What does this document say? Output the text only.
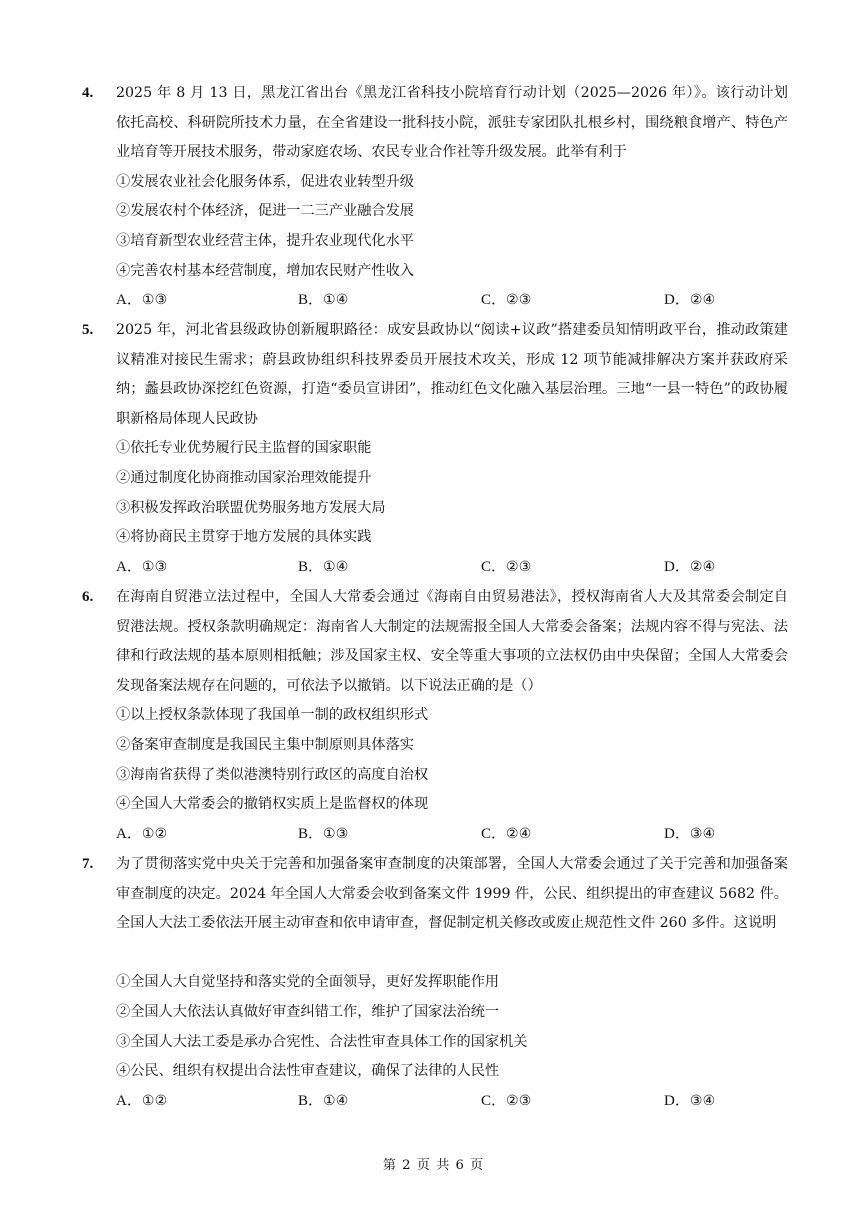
4. 2025 年 8 月 13 日，黑龙江省出台《黑龙江省科技小院培育行动计划（2025—2026 年）》。该行动计划依托高校、科研院所技术力量，在全省建设一批科技小院，派驻专家团队扎根乡村，围绕粮食增产、特色产业培育等开展技术服务，带动家庭农场、农民专业合作社等升级发展。此举有利于

①发展农业社会化服务体系，促进农业转型升级
②发展农村个体经济，促进一二三产业融合发展
③培育新型农业经营主体，提升农业现代化水平
④完善农村基本经营制度，增加农民财产性收入
A．①③	B．①④	C．②③	D．②④
5. 2025 年，河北省县级政协创新履职路径：成安县政协以“阅读+议政”搭建委员知情明政平台，推动政策建议精准对接民生需求；蔚县政协组织科技界委员开展技术攻关，形成 12 项节能减排解决方案并获政府采纳；蠡县政协深挖红色资源，打造“委员宣讲团”，推动红色文化融入基层治理。三地“一县一特色”的政协履职新格局体现人民政协

①依托专业优势履行民主监督的国家职能
②通过制度化协商推动国家治理效能提升
③积极发挥政治联盟优势服务地方发展大局
④将协商民主贯穿于地方发展的具体实践
A．①③	B．①④	C．②③	D．②④
6. 在海南自贸港立法过程中，全国人大常委会通过《海南自由贸易港法》，授权海南省人大及其常委会制定自贸港法规。授权条款明确规定：海南省人大制定的法规需报全国人大常委会备案；法规内容不得与宪法、法律和行政法规的基本原则相抵触；涉及国家主权、安全等重大事项的立法权仍由中央保留；全国人大常委会发现备案法规存在问题的，可依法予以撤销。以下说法正确的是（）

①以上授权条款体现了我国单一制的政权组织形式
②备案审查制度是我国民主集中制原则具体落实
③海南省获得了类似港澳特别行政区的高度自治权
④全国人大常委会的撤销权实质上是监督权的体现
A．①②	B．①③	C．②④	D．③④
7. 为了贯彻落实党中央关于完善和加强备案审查制度的决策部署，全国人大常委会通过了关于完善和加强备案审查制度的决定。2024 年全国人大常委会收到备案文件 1999 件，公民、组织提出的审查建议 5682 件。全国人大法工委依法开展主动审查和依申请审查，督促制定机关修改或废止规范性文件 260 多件。这说明

①全国人大自觉坚持和落实党的全面领导，更好发挥职能作用
②全国人大依法认真做好审查纠错工作，维护了国家法治统一
③全国人大法工委是承办合宪性、合法性审查具体工作的国家机关
④公民、组织有权提出合法性审查建议，确保了法律的人民性
A．①②	B．①④	C．②③	D．③④
第 2 页 共 6 页
